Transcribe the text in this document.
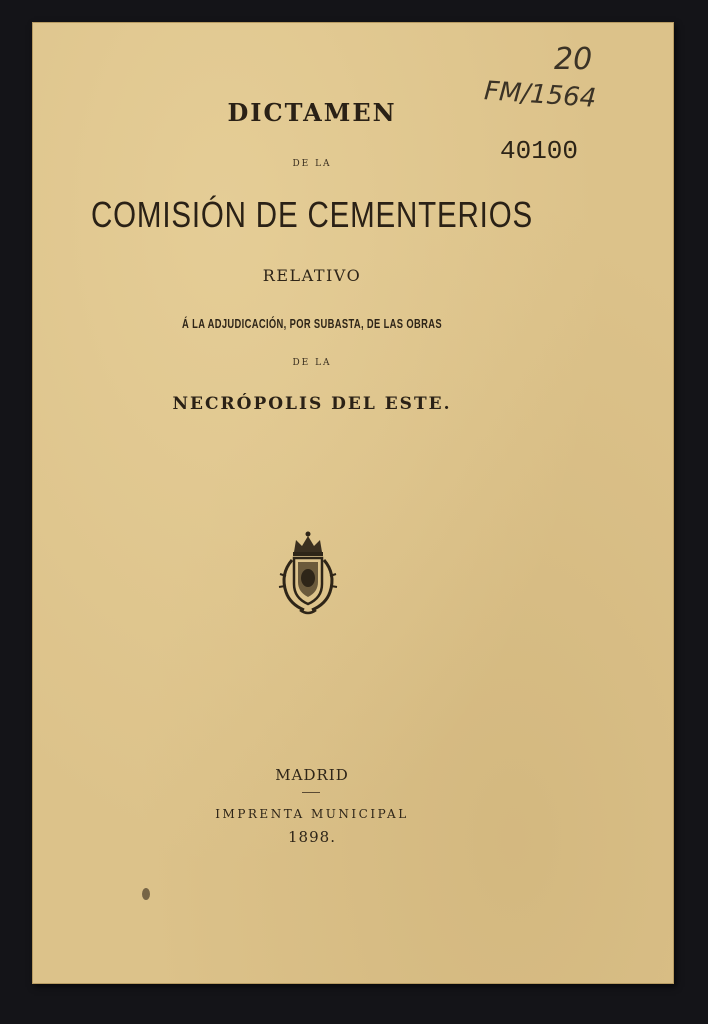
20
FM/1564
40100
DICTAMEN
DE LA
COMISIÓN DE CEMENTERIOS
RELATIVO
Á LA ADJUDICACIÓN, POR SUBASTA, DE LAS OBRAS
DE LA
NECRÓPOLIS DEL ESTE.
MADRID
IMPRENTA MUNICIPAL
1898.
